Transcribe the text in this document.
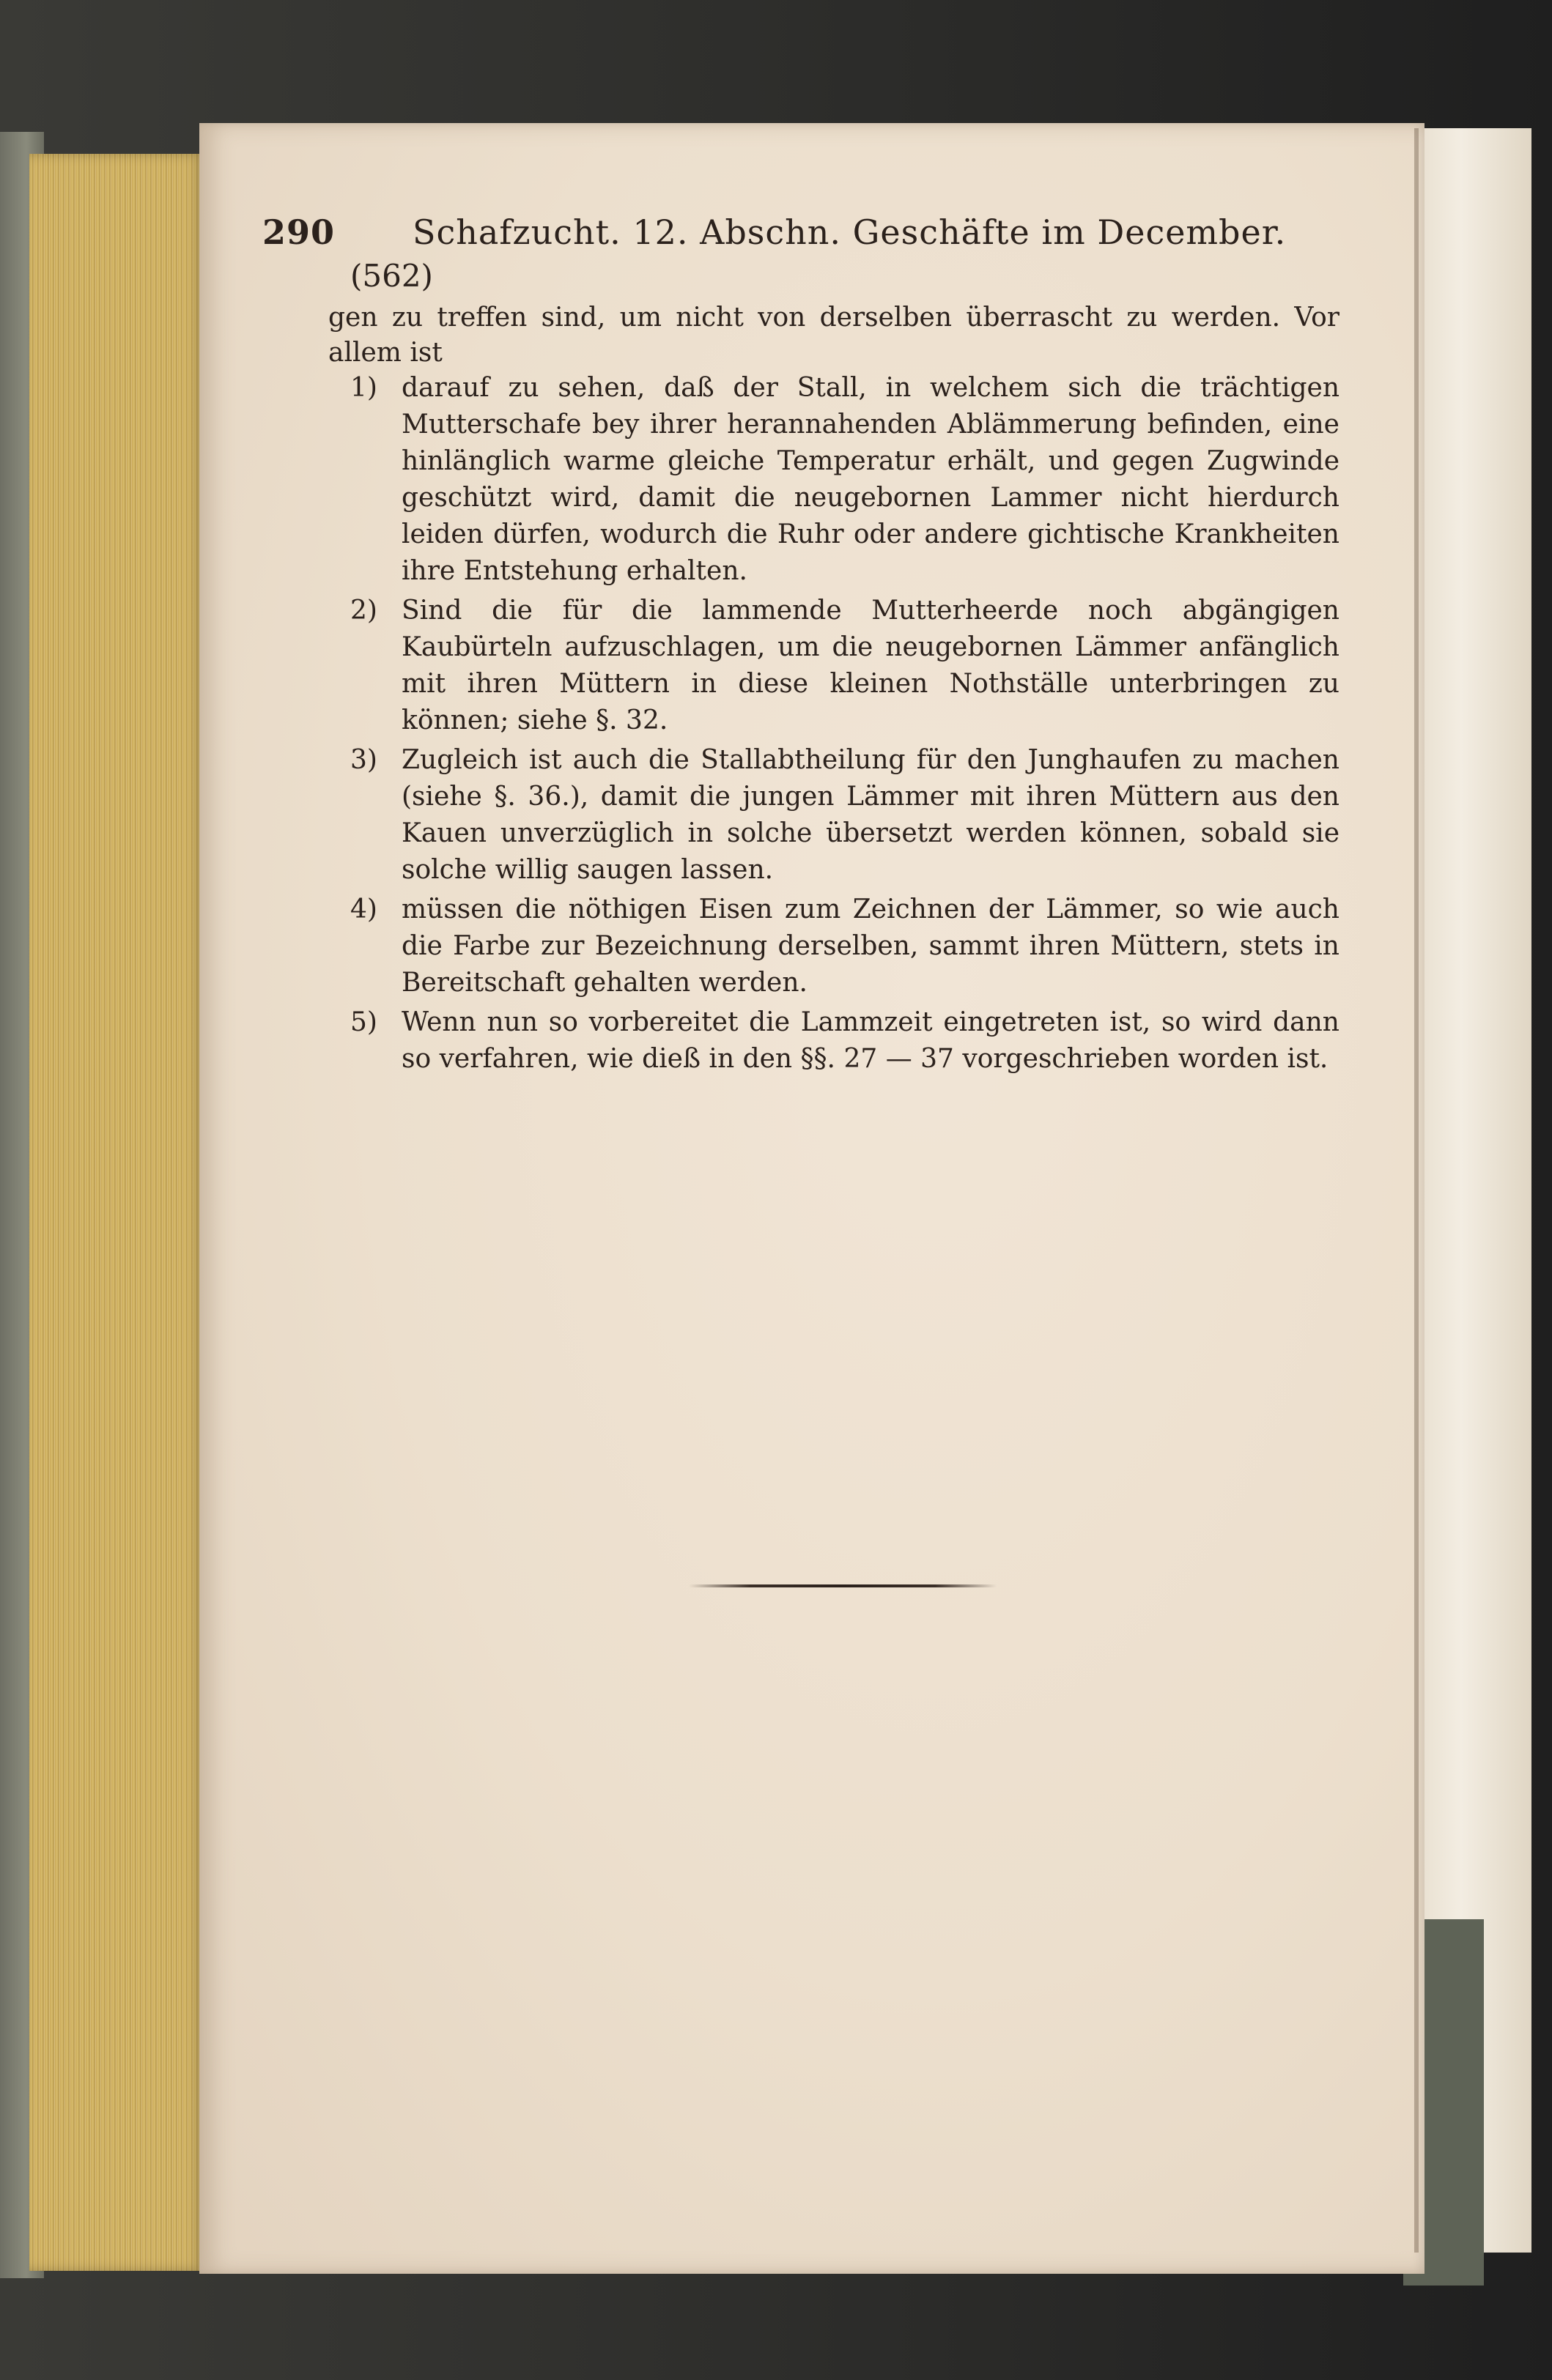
290 Schafzucht. 12. Abschn. Geschäfte im December.
(562)
gen zu treffen sind, um nicht von derselben überrascht zu werden. Vor allem ist
1) darauf zu sehen, daß der Stall, in welchem sich die trächtigen Mutterschafe bey ihrer herannahenden Ablämmerung befinden, eine hinlänglich warme gleiche Temperatur erhält, und gegen Zugwinde geschützt wird, damit die neugebornen Lammer nicht hierdurch leiden dürfen, wodurch die Ruhr oder andere gichtische Krankheiten ihre Entstehung erhalten.
2) Sind die für die lammende Mutterheerde noch abgängigen Kaubürteln aufzuschlagen, um die neugebornen Lämmer anfänglich mit ihren Müttern in diese kleinen Nothställe unterbringen zu können; siehe §. 32.
3) Zugleich ist auch die Stallabtheilung für den Junghaufen zu machen (siehe §. 36.), damit die jungen Lämmer mit ihren Müttern aus den Kauen unverzüglich in solche übersetzt werden können, sobald sie solche willig saugen lassen.
4) müssen die nöthigen Eisen zum Zeichnen der Lämmer, so wie auch die Farbe zur Bezeichnung derselben, sammt ihren Müttern, stets in Bereitschaft gehalten werden.
5) Wenn nun so vorbereitet die Lammzeit eingetreten ist, so wird dann so verfahren, wie dieß in den §§. 27 — 37 vorgeschrieben worden ist.
